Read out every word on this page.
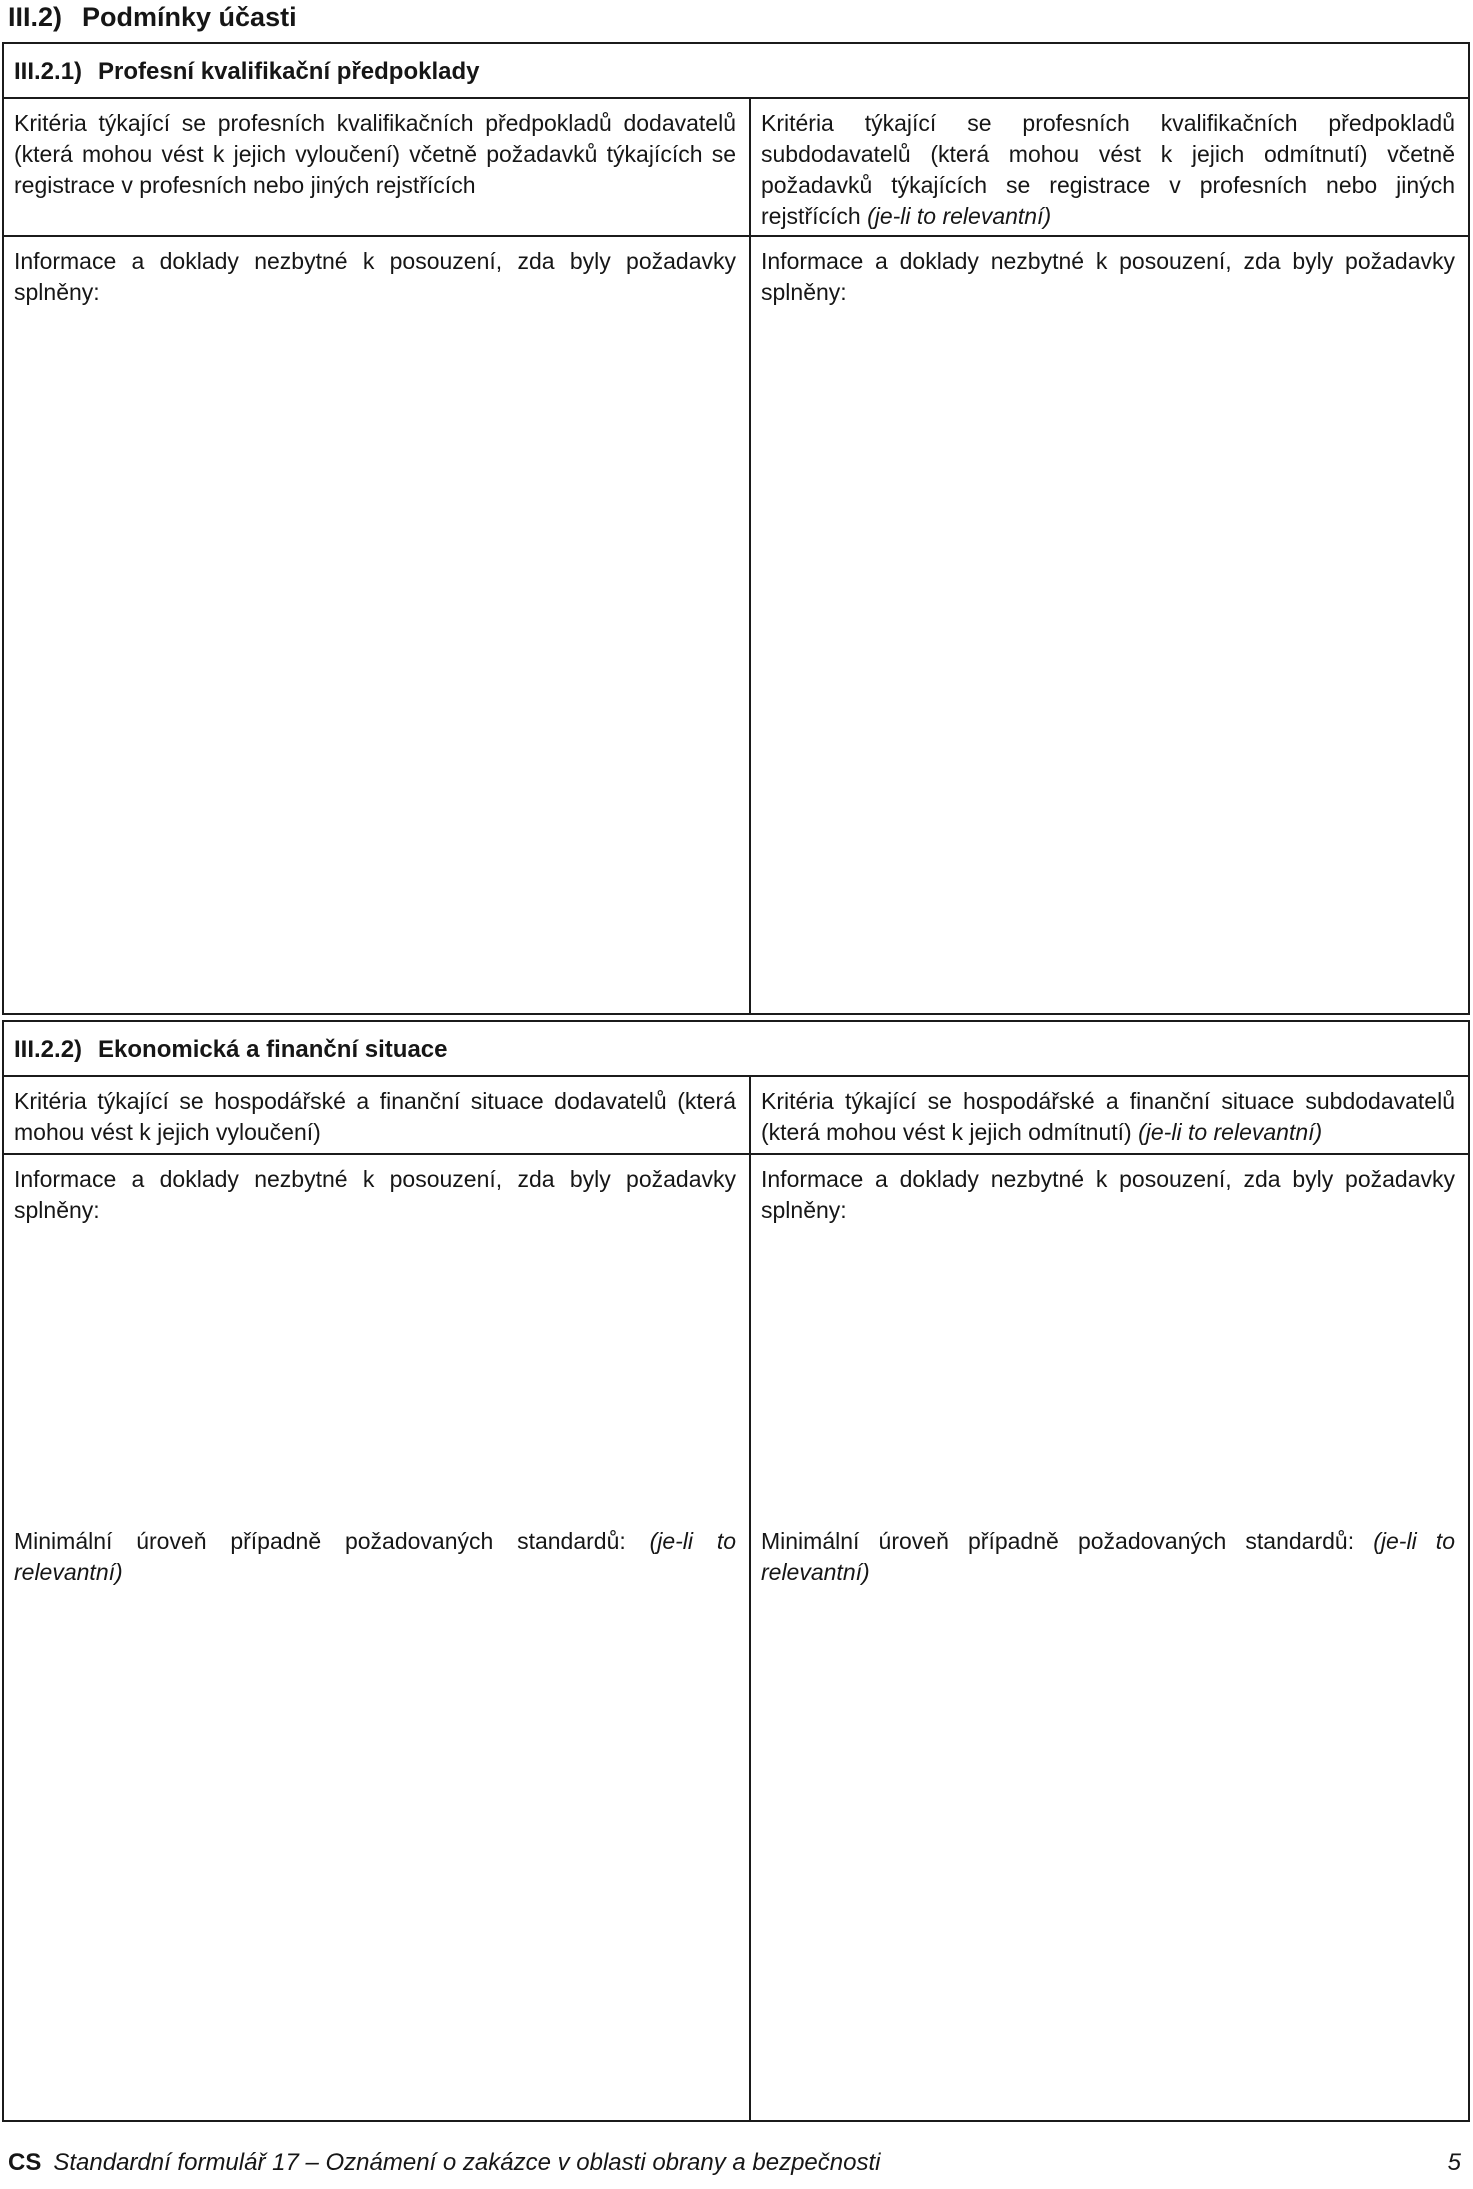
III.2) Podmínky účasti
III.2.1) Profesní kvalifikační předpoklady

Kritéria týkající se profesních kvalifikačních předpokladů dodavatelů (která mohou vést k jejich vyloučení) včetně požadavků týkajících se registrace v profesních nebo jiných rejstřících

Kritéria týkající se profesních kvalifikačních předpokladů subdodavatelů (která mohou vést k jejich odmítnutí) včetně požadavků týkajících se registrace v profesních nebo jiných rejstřících (je-li to relevantní)

Informace a doklady nezbytné k posouzení, zda byly požadavky splněny:

Informace a doklady nezbytné k posouzení, zda byly požadavky splněny:

III.2.2) Ekonomická a finanční situace

Kritéria týkající se hospodářské a finanční situace dodavatelů (která mohou vést k jejich vyloučení)

Kritéria týkající se hospodářské a finanční situace subdodavatelů (která mohou vést k jejich odmítnutí) (je-li to relevantní)

Informace a doklady nezbytné k posouzení, zda byly požadavky splněny:

Minimální úroveň případně požadovaných standardů: (je-li to relevantní)

Informace a doklady nezbytné k posouzení, zda byly požadavky splněny:

Minimální úroveň případně požadovaných standardů: (je-li to relevantní)

CS Standardní formulář 17 – Oznámení o zakázce v oblasti obrany a bezpečnosti	5
